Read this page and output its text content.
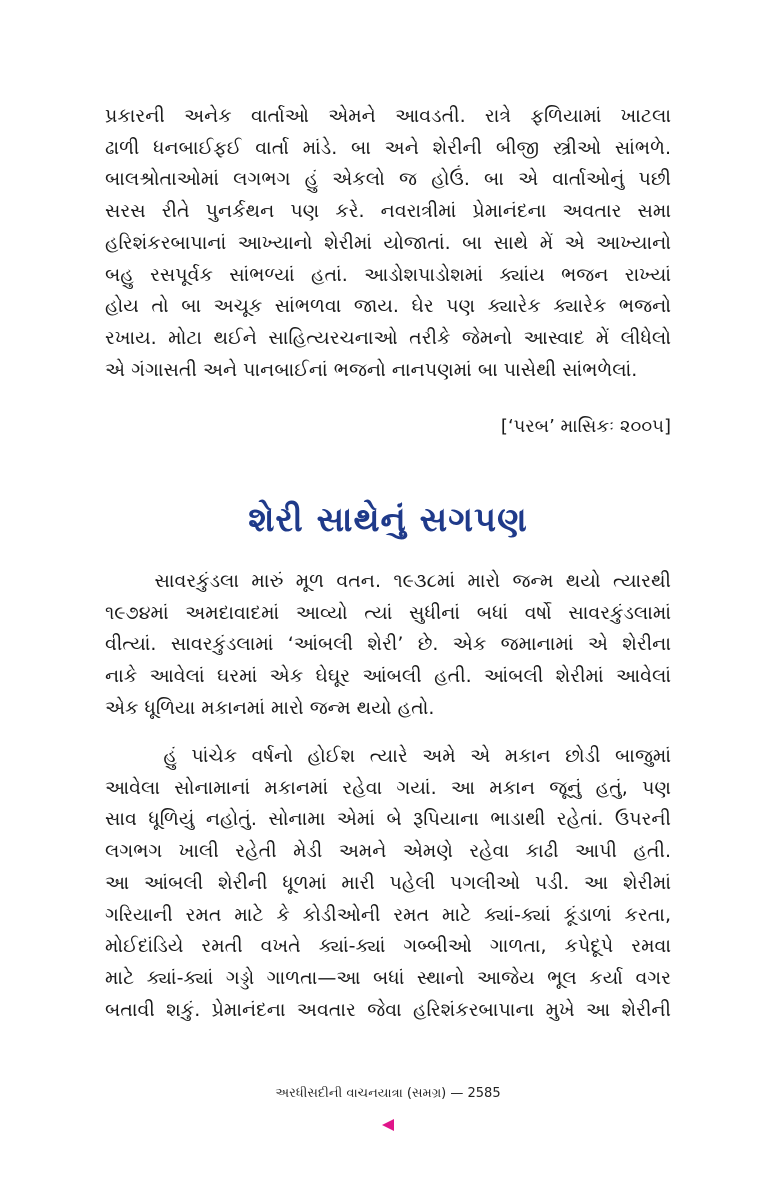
પ્રકારની અનેક વાર્તાઓ એમને આવડતી. રાત્રે ફળિયામાં ખાટલા
ઢાળી ધનબાઈફઈ વાર્તા માંડે. બા અને શેરીની બીજી સ્ત્રીઓ સાંભળે.
બાલશ્રોતાઓમાં લગભગ હું એકલો જ હોઉં. બા એ વાર્તાઓનું પછી
સરસ રીતે પુનર્કથન પણ કરે. નવરાત્રીમાં પ્રેમાનંદના અવતાર સમા
હરિશંકરબાપાનાં આખ્યાનો શેરીમાં યોજાતાં. બા સાથે મેં એ આખ્યાનો
બહુ રસપૂર્વક સાંભળ્યાં હતાં. આડોશપાડોશમાં ક્યાંય ભજન રાખ્યાં
હોય તો બા અચૂક સાંભળવા જાય. ઘેર પણ ક્યારેક ક્યારેક ભજનો
રખાય. મોટા થઈને સાહિત્યરચનાઓ તરીકે જેમનો આસ્વાદ મેં લીધેલો
એ ગંગાસતી અને પાનબાઈનાં ભજનો નાનપણમાં બા પાસેથી સાંભળેલાં.
[‘પરબ’ માસિકઃ ૨૦૦૫]
શેરી સાથેનું સગપણ
સાવરકુંડલા મારું મૂળ વતન. ૧૯૩૮માં મારો જન્મ થયો ત્યારથી
૧૯૭૪માં અમદાવાદમાં આવ્યો ત્યાં સુધીનાં બધાં વર્ષો સાવરકુંડલામાં
વીત્યાં. સાવરકુંડલામાં ‘આંબલી શેરી’ છે. એક જમાનામાં એ શેરીના
નાકે આવેલાં ઘરમાં એક ઘેઘૂર આંબલી હતી. આંબલી શેરીમાં આવેલાં
એક ધૂળિયા મકાનમાં મારો જન્મ થયો હતો.
હું પાંચેક વર્ષનો હોઈશ ત્યારે અમે એ મકાન છોડી બાજુમાં
આવેલા સોનામાનાં મકાનમાં રહેવા ગયાં. આ મકાન જૂનું હતું, પણ
સાવ ધૂળિયું નહોતું. સોનામા એમાં બે રૂપિયાના ભાડાથી રહેતાં. ઉપરની
લગભગ ખાલી રહેતી મેડી અમને એમણે રહેવા કાઢી આપી હતી.
આ આંબલી શેરીની ધૂળમાં મારી પહેલી પગલીઓ પડી. આ શેરીમાં
ગરિયાની રમત માટે કે કોડીઓની રમત માટે ક્યાં-ક્યાં કૂંડાળાં કરતા,
મોઈદાંડિયે રમતી વખતે ક્યાં-ક્યાં ગબ્બીઓ ગાળતા, કપેદૂપે રમવા
માટે ક્યાં-ક્યાં ગડ્ડો ગાળતા—આ બધાં સ્થાનો આજેય ભૂલ કર્યા વગર
બતાવી શકું. પ્રેમાનંદના અવતાર જેવા હરિશંકરબાપાના મુખે આ શેરીની
અરધીસદીની વાચનયાત્રા (સમગ્ર) — 2585
